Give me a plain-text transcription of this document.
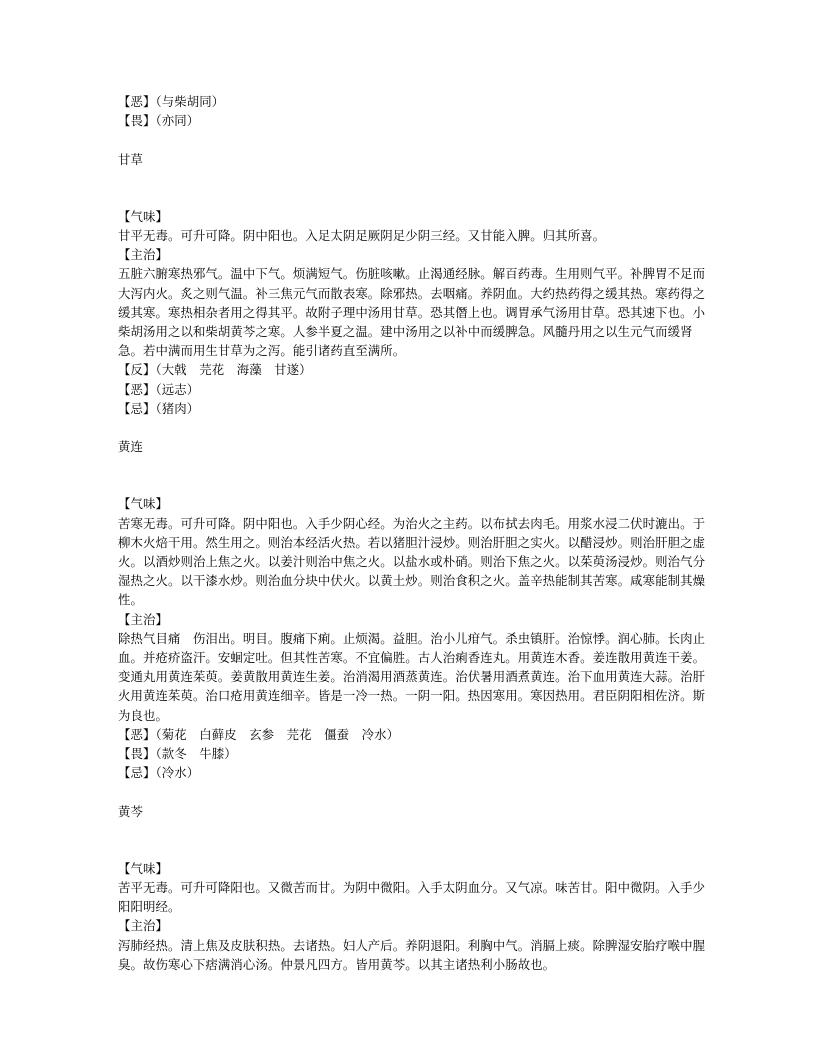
【恶】（与柴胡同）
【畏】（亦同）
甘草
【气味】
甘平无毒。可升可降。阴中阳也。入足太阴足厥阴足少阴三经。又甘能入脾。归其所喜。
【主治】
五脏六腑寒热邪气。温中下气。烦满短气。伤脏咳嗽。止渴通经脉。解百药毒。生用则气平。补脾胃不足而大泻内火。炙之则气温。补三焦元气而散表寒。除邪热。去咽痛。养阴血。大约热药得之缓其热。寒药得之缓其寒。寒热相杂者用之得其平。故附子理中汤用甘草。恐其僭上也。调胃承气汤用甘草。恐其速下也。小柴胡汤用之以和柴胡黄芩之寒。人参半夏之温。建中汤用之以补中而缓脾急。风髓丹用之以生元气而缓肾急。若中满而用生甘草为之泻。能引诸药直至满所。
【反】（大戟　芫花　海藻　甘遂）
【恶】（远志）
【忌】（猪肉）
黄连
【气味】
苦寒无毒。可升可降。阴中阳也。入手少阴心经。为治火之主药。以布拭去肉毛。用浆水浸二伏时漉出。于柳木火焙干用。然生用之。则治本经活火热。若以猪胆汁浸炒。则治肝胆之实火。以醋浸炒。则治肝胆之虚火。以酒炒则治上焦之火。以姜汁则治中焦之火。以盐水或朴硝。则治下焦之火。以茱萸汤浸炒。则治气分湿热之火。以干漆水炒。则治血分块中伏火。以黄土炒。则治食积之火。盖辛热能制其苦寒。咸寒能制其燥性。
【主治】
除热气目痛　伤泪出。明目。腹痛下痢。止烦渴。益胆。治小儿疳气。杀虫镇肝。治惊悸。润心肺。长肉止血。并疮疥盗汗。安蛔定吐。但其性苦寒。不宜偏胜。古人治痢香连丸。用黄连木香。姜连散用黄连干姜。变通丸用黄连茱萸。姜黄散用黄连生姜。治消渴用酒蒸黄连。治伏暑用酒煮黄连。治下血用黄连大蒜。治肝火用黄连茱萸。治口疮用黄连细辛。皆是一冷一热。一阴一阳。热因寒用。寒因热用。君臣阴阳相佐济。斯为良也。
【恶】（菊花　白藓皮　玄参　芫花　僵蚕　冷水）
【畏】（款冬　牛膝）
【忌】（冷水）
黄芩
【气味】
苦平无毒。可升可降阳也。又微苦而甘。为阴中微阳。入手太阴血分。又气凉。味苦甘。阳中微阴。入手少阳阳明经。
【主治】
泻肺经热。清上焦及皮肤积热。去诸热。妇人产后。养阴退阳。利胸中气。消膈上痰。除脾湿安胎疗喉中腥臭。故伤寒心下痞满消心汤。仲景凡四方。皆用黄芩。以其主诸热利小肠故也。
